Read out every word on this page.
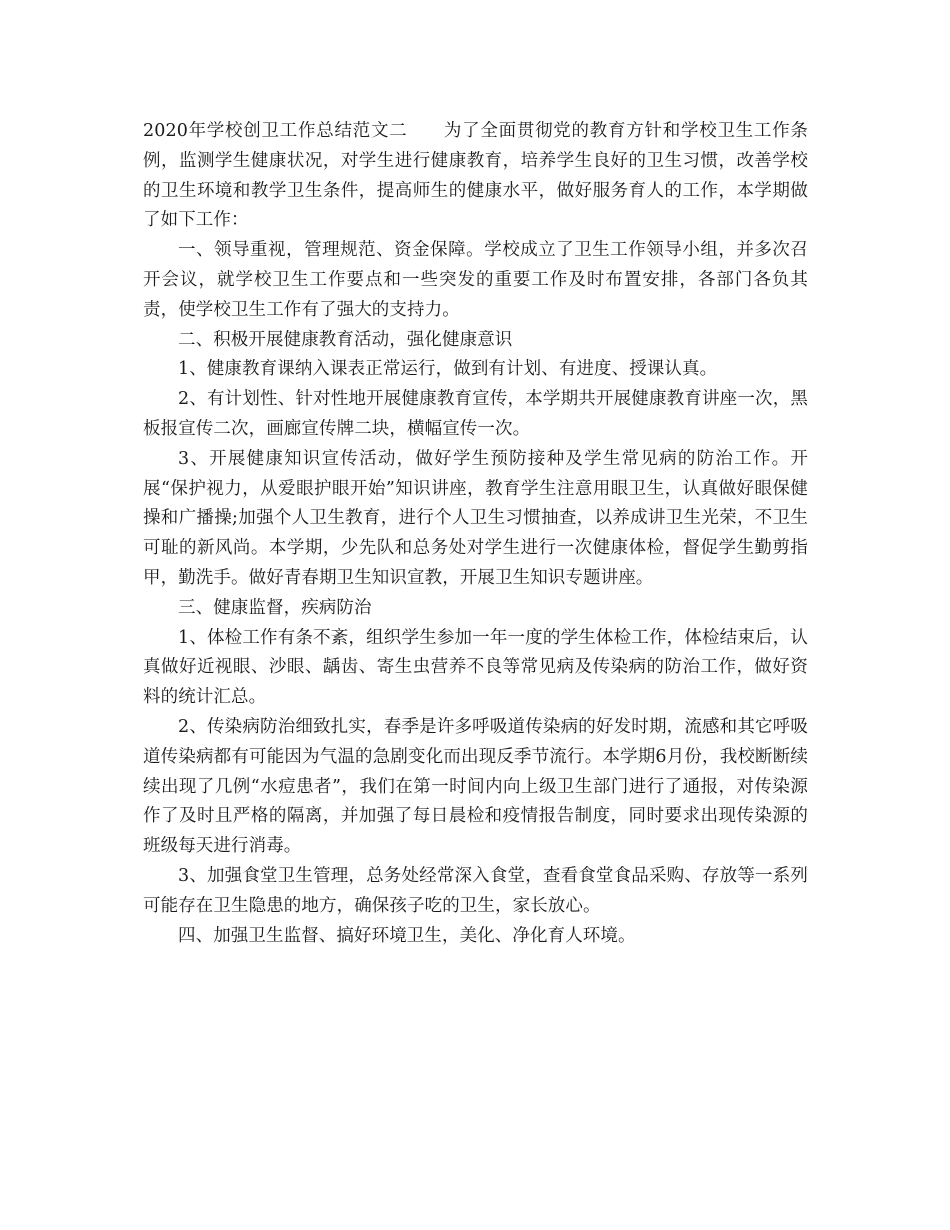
2020年学校创卫工作总结范文二　　为了全面贯彻党的教育方针和学校卫生工作条例，监测学生健康状况，对学生进行健康教育，培养学生良好的卫生习惯，改善学校的卫生环境和教学卫生条件，提高师生的健康水平，做好服务育人的工作，本学期做了如下工作：

一、领导重视，管理规范、资金保障。学校成立了卫生工作领导小组，并多次召开会议，就学校卫生工作要点和一些突发的重要工作及时布置安排，各部门各负其责，使学校卫生工作有了强大的支持力。

二、积极开展健康教育活动，强化健康意识

1、健康教育课纳入课表正常运行，做到有计划、有进度、授课认真。

2、有计划性、针对性地开展健康教育宣传，本学期共开展健康教育讲座一次，黑板报宣传二次，画廊宣传牌二块，横幅宣传一次。

3、开展健康知识宣传活动，做好学生预防接种及学生常见病的防治工作。开展“保护视力，从爱眼护眼开始”知识讲座，教育学生注意用眼卫生，认真做好眼保健操和广播操;加强个人卫生教育，进行个人卫生习惯抽查，以养成讲卫生光荣，不卫生可耻的新风尚。本学期，少先队和总务处对学生进行一次健康体检，督促学生勤剪指甲，勤洗手。做好青春期卫生知识宣教，开展卫生知识专题讲座。

三、健康监督，疾病防治

1、体检工作有条不紊，组织学生参加一年一度的学生体检工作，体检结束后，认真做好近视眼、沙眼、龋齿、寄生虫营养不良等常见病及传染病的防治工作，做好资料的统计汇总。

2、传染病防治细致扎实，春季是许多呼吸道传染病的好发时期，流感和其它呼吸道传染病都有可能因为气温的急剧变化而出现反季节流行。本学期6月份，我校断断续续出现了几例“水痘患者”，我们在第一时间内向上级卫生部门进行了通报，对传染源作了及时且严格的隔离，并加强了每日晨检和疫情报告制度，同时要求出现传染源的班级每天进行消毒。

3、加强食堂卫生管理，总务处经常深入食堂，查看食堂食品采购、存放等一系列可能存在卫生隐患的地方，确保孩子吃的卫生，家长放心。

四、加强卫生监督、搞好环境卫生，美化、净化育人环境。
